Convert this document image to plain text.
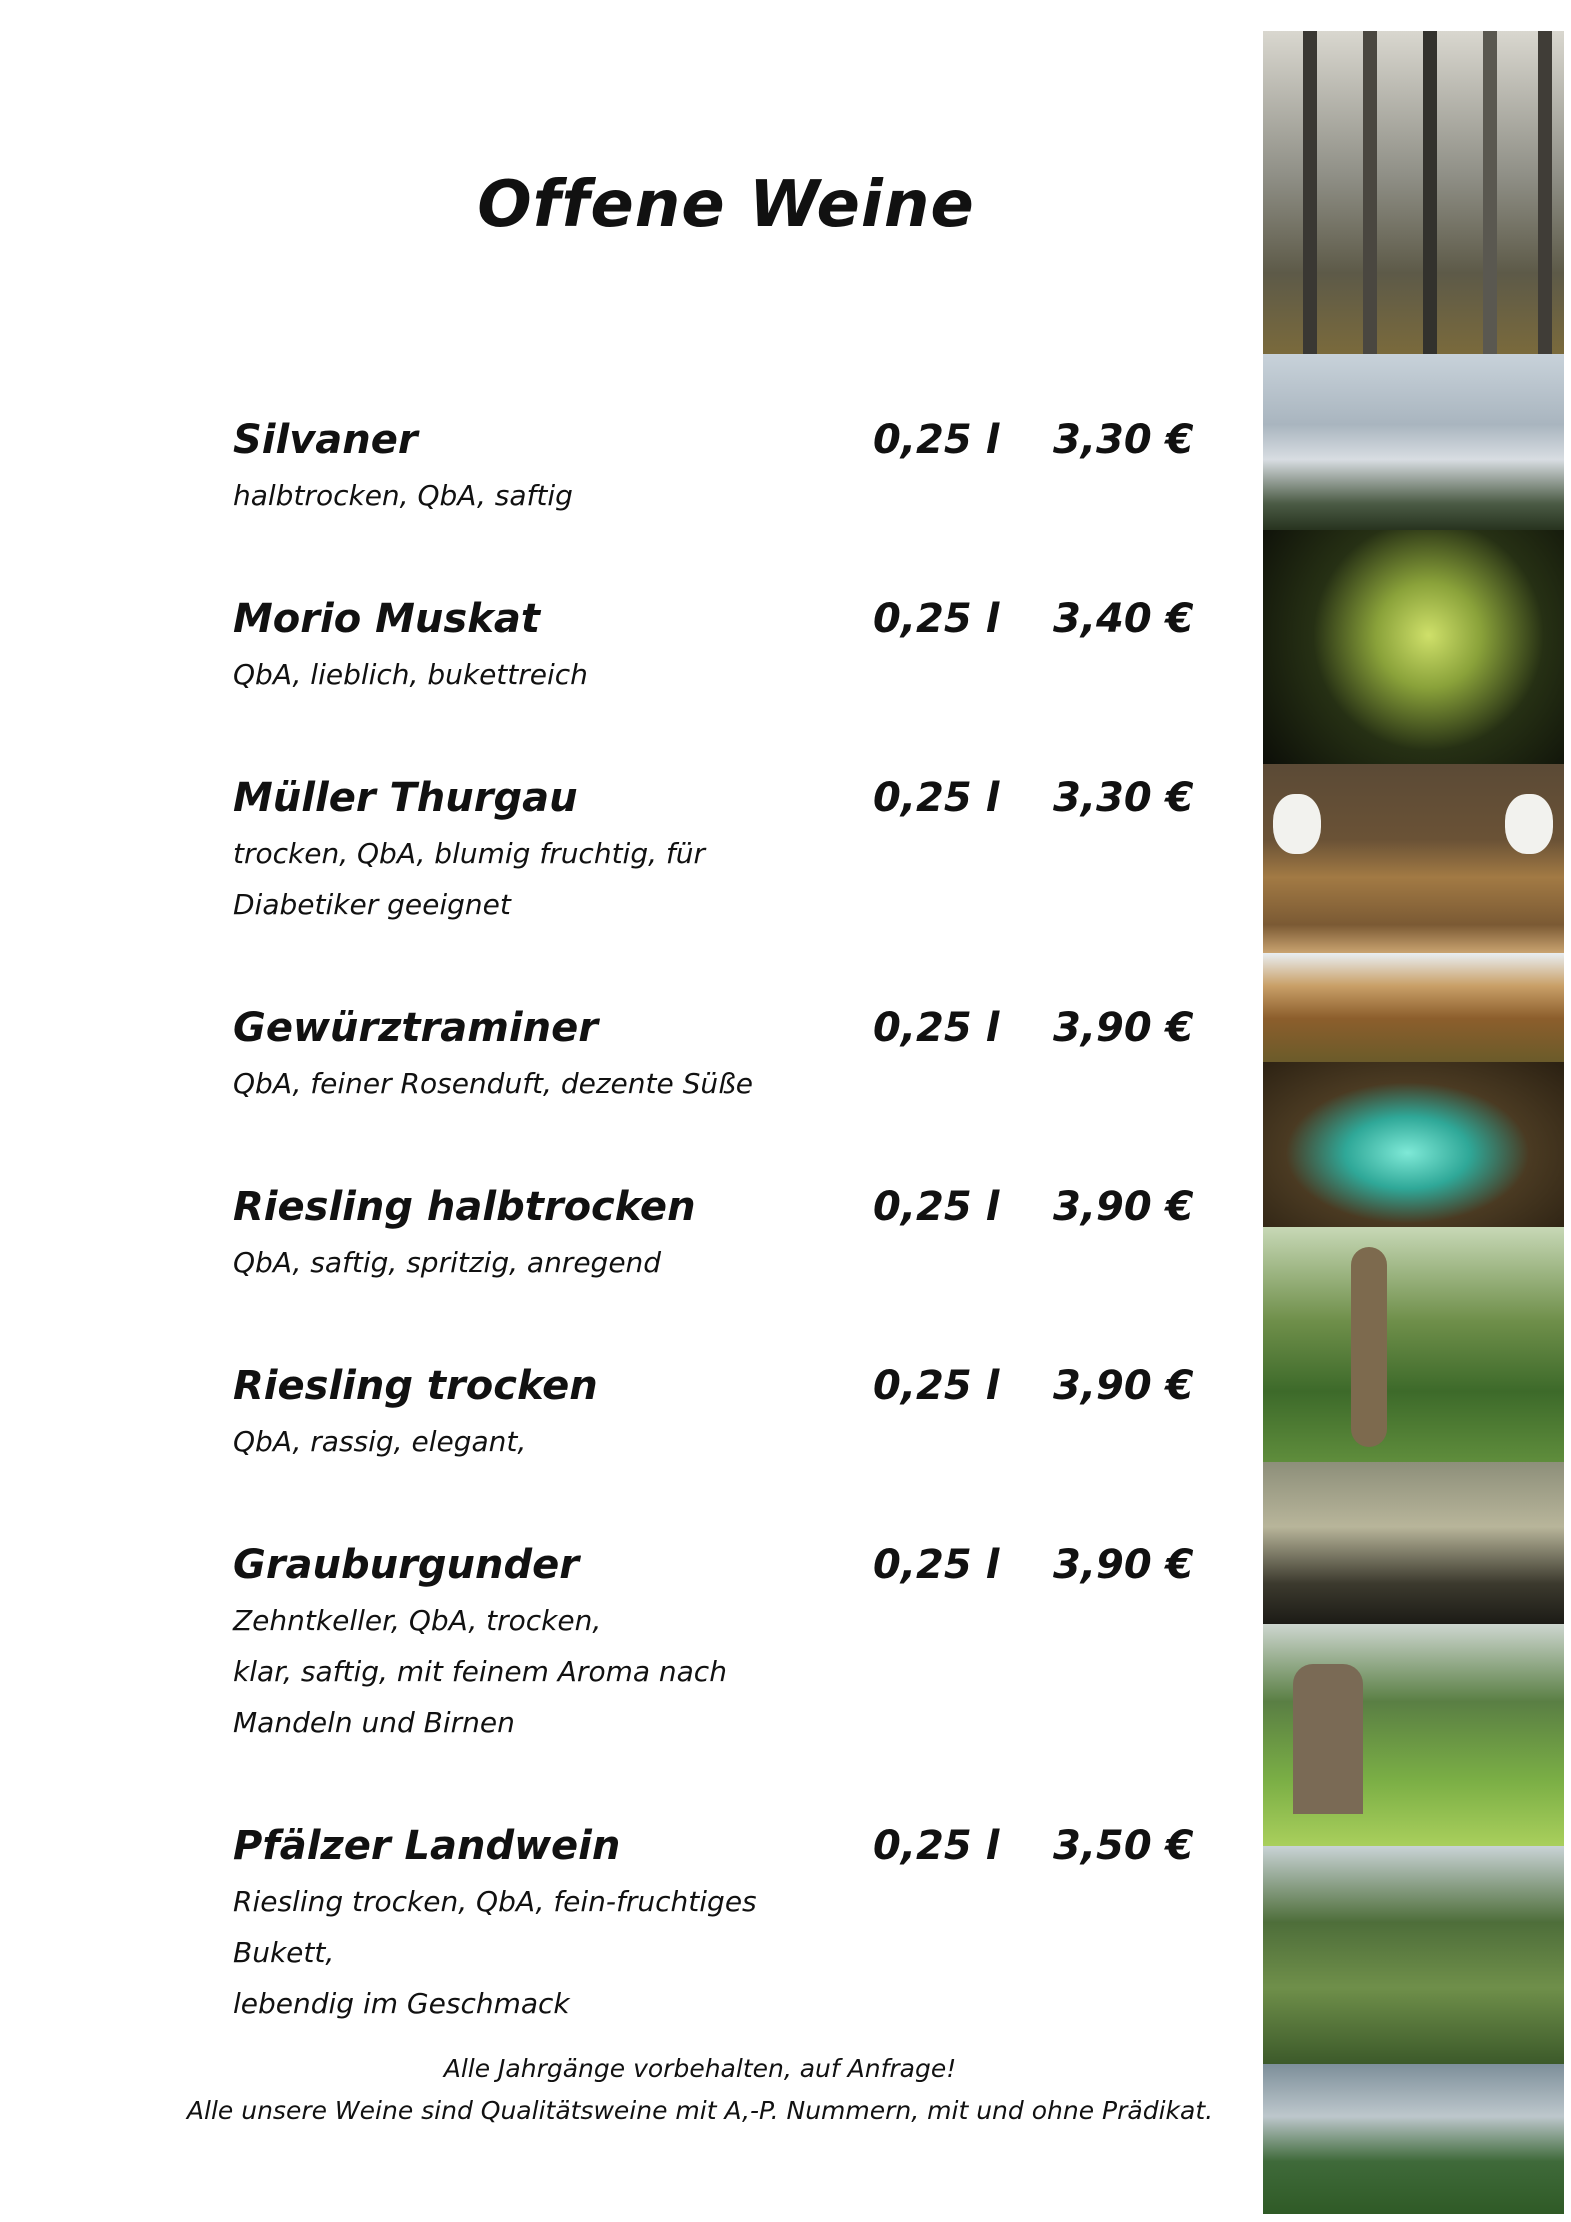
Offene Weine
Silvaner	0,25 l 3,30 €
halbtrocken, QbA, saftig
Morio Muskat	0,25 l 3,40 €
QbA, lieblich, bukettreich
Müller Thurgau	0,25 l 3,30 €
trocken, QbA, blumig fruchtig, für
Diabetiker geeignet
Gewürztraminer	0,25 l 3,90 €
QbA, feiner Rosenduft, dezente Süße
Riesling halbtrocken	0,25 l 3,90 €
QbA, saftig, spritzig, anregend
Riesling trocken	0,25 l 3,90 €
QbA, rassig, elegant,
Grauburgunder	0,25 l 3,90 €
Zehntkeller, QbA, trocken,
klar, saftig, mit feinem Aroma nach
Mandeln und Birnen
Pfälzer Landwein	0,25 l 3,50 €
Riesling trocken, QbA, fein-fruchtiges
Bukett,
lebendig im Geschmack
Alle Jahrgänge vorbehalten, auf Anfrage!
Alle unsere Weine sind Qualitätsweine mit A,-P. Nummern, mit und ohne Prädikat.
